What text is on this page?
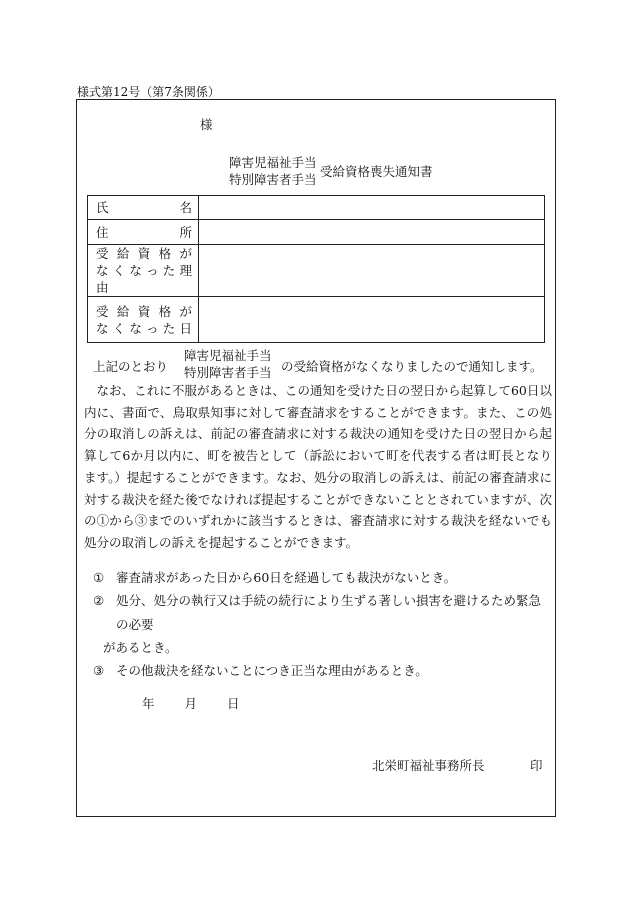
様式第12号（第7条関係）
様
障害児福祉手当
特別障害者手当
受給資格喪失通知書
氏　　　　　名	

住　　　　　所	

受 給 資 格 が
な く な っ た 理 由	

受 給 資 格 が
な く な っ た 日	

上記のとおり
障害児福祉手当
特別障害者手当 の受給資格がなくなりましたので通知します。

なお、これに不服があるときは、この通知を受けた日の翌日から起算して60日以内に、書面で、鳥取県知事に対して審査請求をすることができます。また、この処分の取消しの訴えは、前記の審査請求に対する裁決の通知を受けた日の翌日から起算して6か月以内に、町を被告として（訴訟において町を代表する者は町長となります。）提起することができます。なお、処分の取消しの訴えは、前記の審査請求に対する裁決を経た後でなければ提起することができないこととされていますが、次の①から③までのいずれかに該当するときは、審査請求に対する裁決を経ないでも処分の取消しの訴えを提起することができます。

① 審査請求があった日から60日を経過しても裁決がないとき。
② 処分、処分の執行又は手続の続行により生ずる著しい損害を避けるため緊急の必要
があるとき。
③ その他裁決を経ないことにつき正当な理由があるとき。
年 月 日
北栄町福祉事務所長	印
